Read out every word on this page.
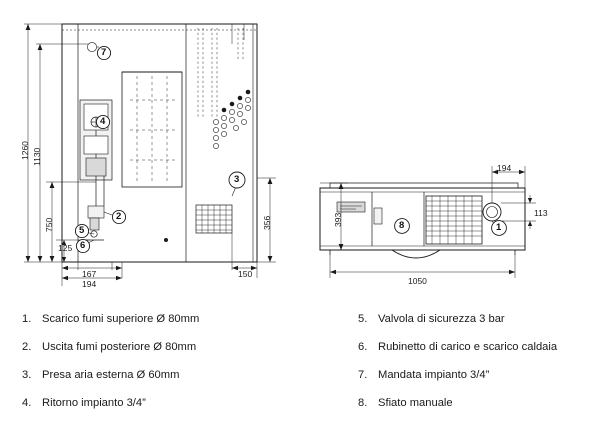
1260 1130
750
125
167
194
150
356	393	113
1050
194
7
4
2
5
6
3
8	1
1. Scarico fumi superiore Ø 80mm
2. Uscita fumi posteriore Ø 80mm
3. Presa aria esterna Ø 60mm
4. Ritorno impianto 3/4”
5. Valvola di sicurezza 3 bar
6. Rubinetto di carico e scarico caldaia
7. Mandata impianto 3/4”
8. Sfiato manuale
